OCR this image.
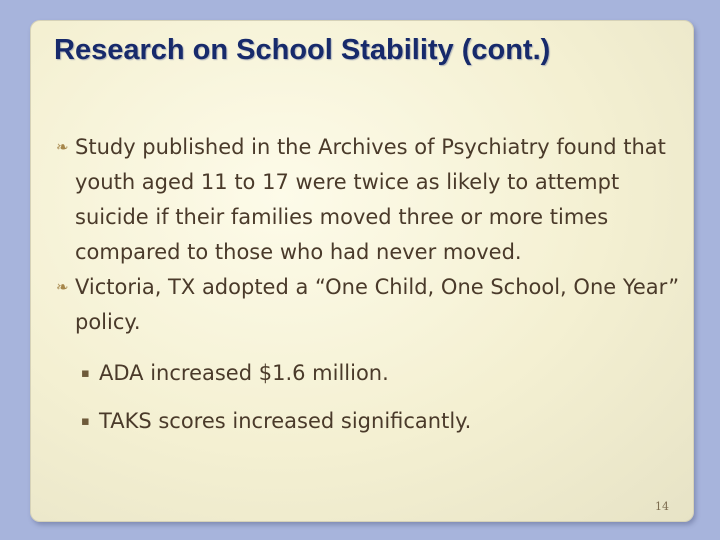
Research on School Stability (cont.)

❧ Study published in the Archives of Psychiatry found that youth aged 11 to 17 were twice as likely to attempt suicide if their families moved three or more times compared to those who had never moved.

❧ Victoria, TX adopted a “One Child, One School, One Year” policy.

▪ ADA increased $1.6 million.

▪ TAKS scores increased significantly.

14
